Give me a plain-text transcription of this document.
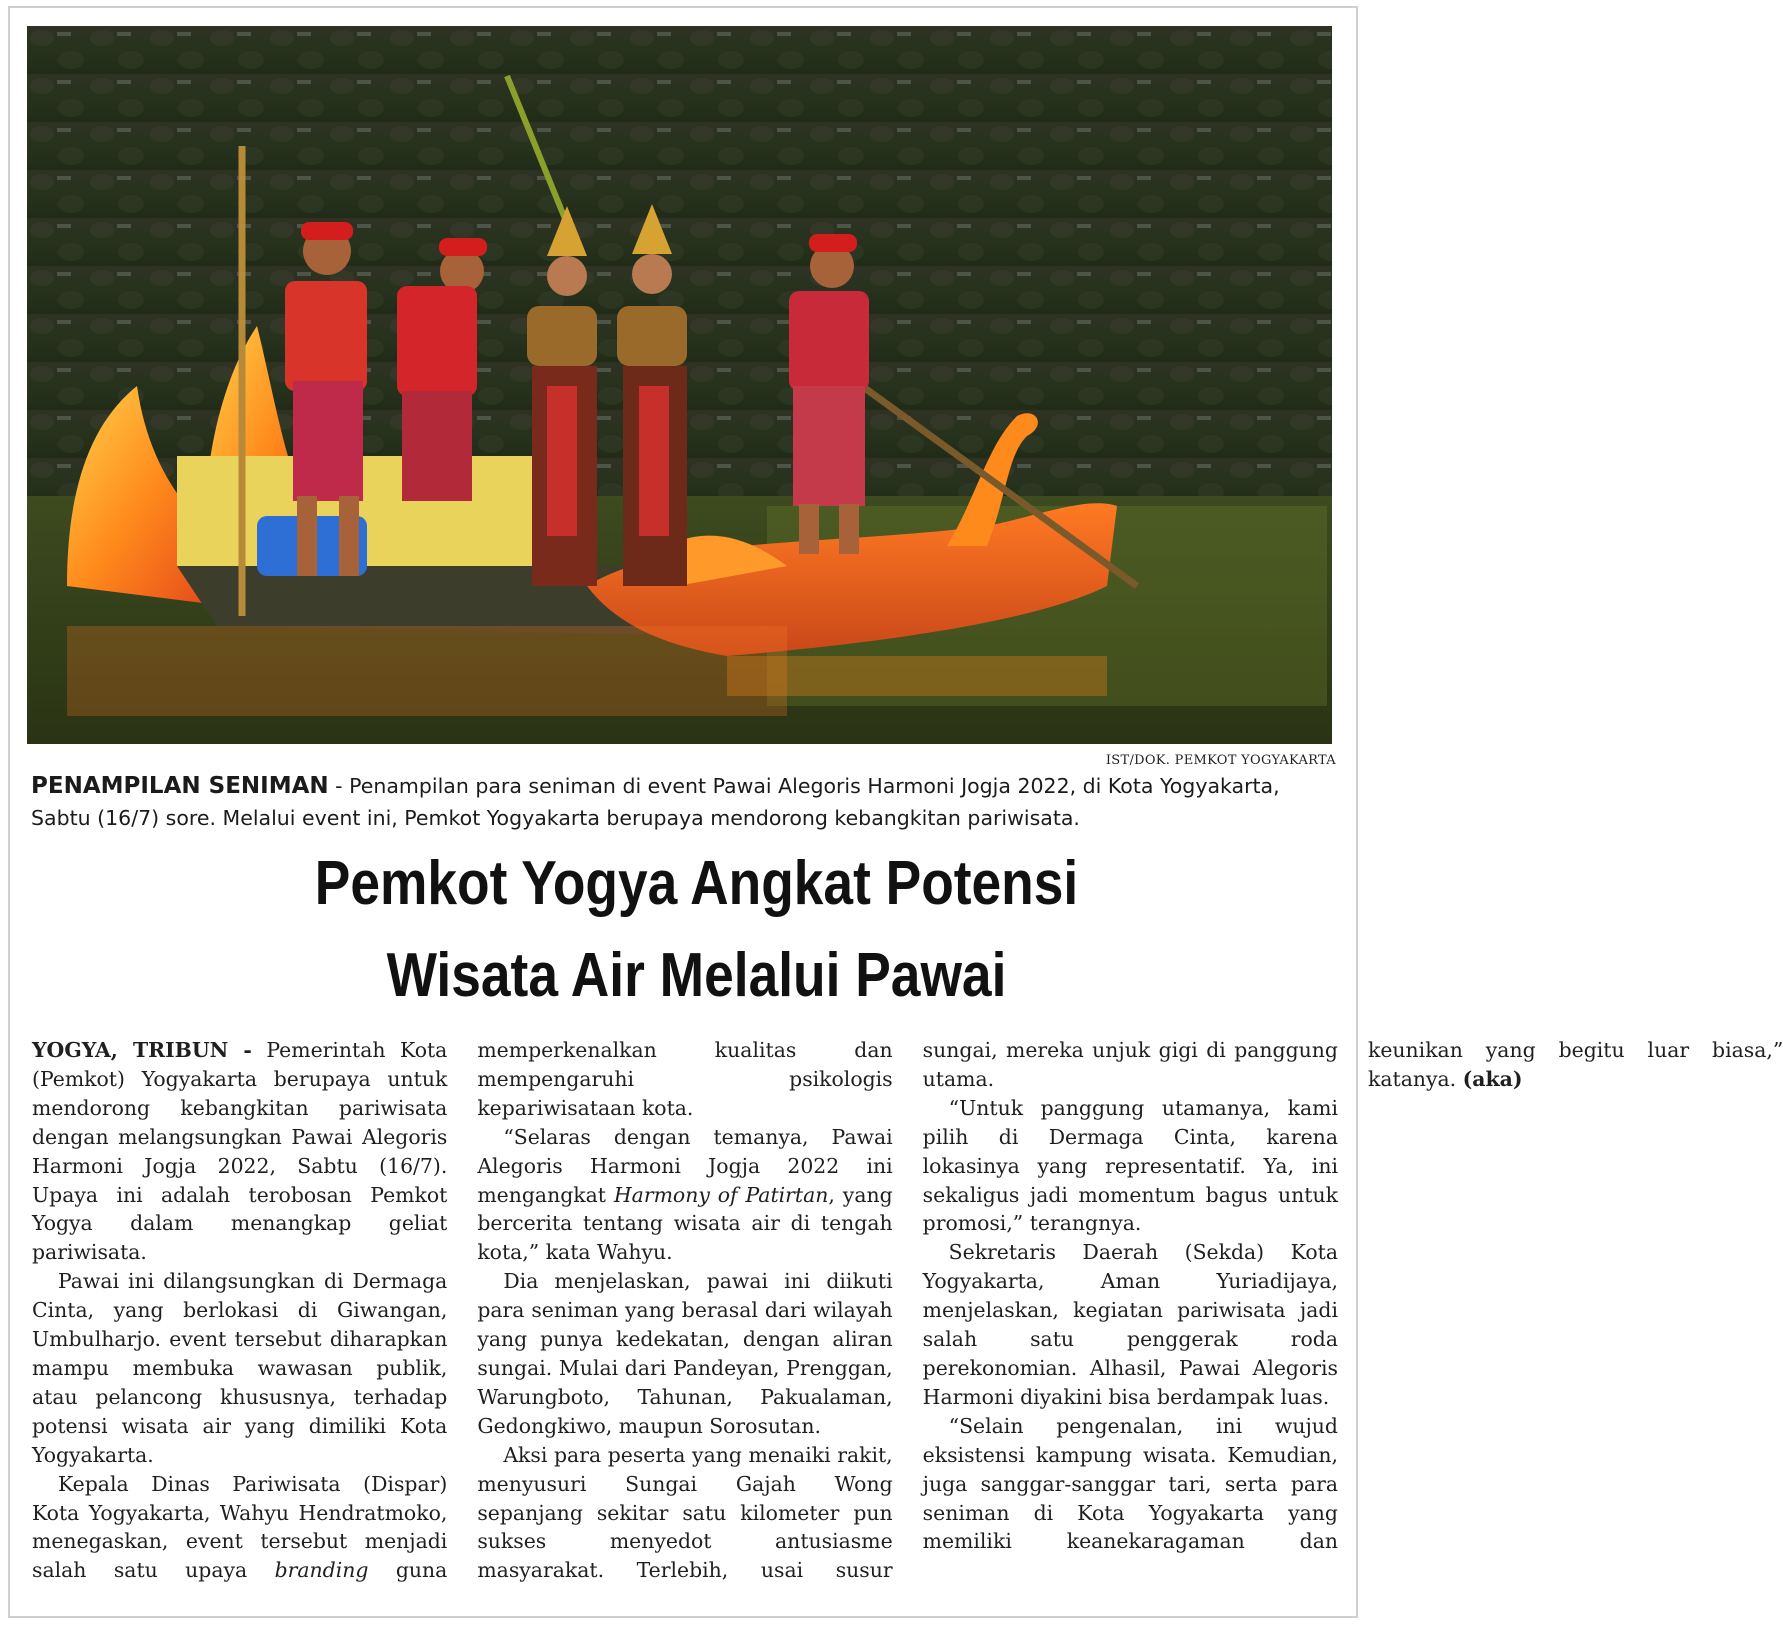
IST/DOK. PEMKOT YOGYAKARTA
PENAMPILAN SENIMAN - Penampilan para seniman di event Pawai Alegoris Harmoni Jogja 2022, di Kota Yogyakarta, Sabtu (16/7) sore. Melalui event ini, Pemkot Yogyakarta berupaya mendorong kebangkitan pariwisata.
Pemkot Yogya Angkat Potensi
Wisata Air Melalui Pawai

YOGYA, TRIBUN - Pemerintah Kota (Pemkot) Yogyakarta berupaya untuk mendorong kebangkitan pariwisata dengan melangsungkan Pawai Alegoris Harmoni Jogja 2022, Sabtu (16/7). Upaya ini adalah terobosan Pemkot Yogya dalam menangkap geliat pariwisata.

Pawai ini dilangsungkan di Dermaga Cinta, yang berlokasi di Giwangan, Umbulharjo. event tersebut diharapkan mampu membuka wawasan publik, atau pelancong khususnya, terhadap potensi wisata air yang dimiliki Kota Yogyakarta.

Kepala Dinas Pariwisata (Dispar) Kota Yogyakarta, Wahyu Hendratmoko, menegaskan, event tersebut menjadi salah satu upaya branding guna memperkenalkan kualitas dan mempengaruhi psikologis kepariwisataan kota.

“Selaras dengan temanya, Pawai Alegoris Harmoni Jogja 2022 ini mengangkat Harmony of Patirtan, yang bercerita tentang wisata air di tengah kota,” kata Wahyu.

Dia menjelaskan, pawai ini diikuti para seniman yang berasal dari wilayah yang punya kedekatan, dengan aliran sungai. Mulai dari Pandeyan, Prenggan, Warungboto, Tahunan, Pakualaman, Gedongkiwo, maupun Sorosutan.

Aksi para peserta yang menaiki rakit, menyusuri Sungai Gajah Wong sepanjang sekitar satu kilometer pun sukses menyedot antusiasme masyarakat. Terlebih, usai susur sungai, mereka unjuk gigi di panggung utama.

“Untuk panggung utamanya, kami pilih di Dermaga Cinta, karena lokasinya yang representatif. Ya, ini sekaligus jadi momentum bagus untuk promosi,” terangnya.

Sekretaris Daerah (Sekda) Kota Yogyakarta, Aman Yuriadijaya, menjelaskan, kegiatan pariwisata jadi salah satu penggerak roda perekonomian. Alhasil, Pawai Alegoris Harmoni diyakini bisa berdampak luas.

“Selain pengenalan, ini wujud eksistensi kampung wisata. Kemudian, juga sanggar-sanggar tari, serta para seniman di Kota Yogyakarta yang memiliki keanekaragaman dan keunikan yang begitu luar biasa,” katanya. (aka)
